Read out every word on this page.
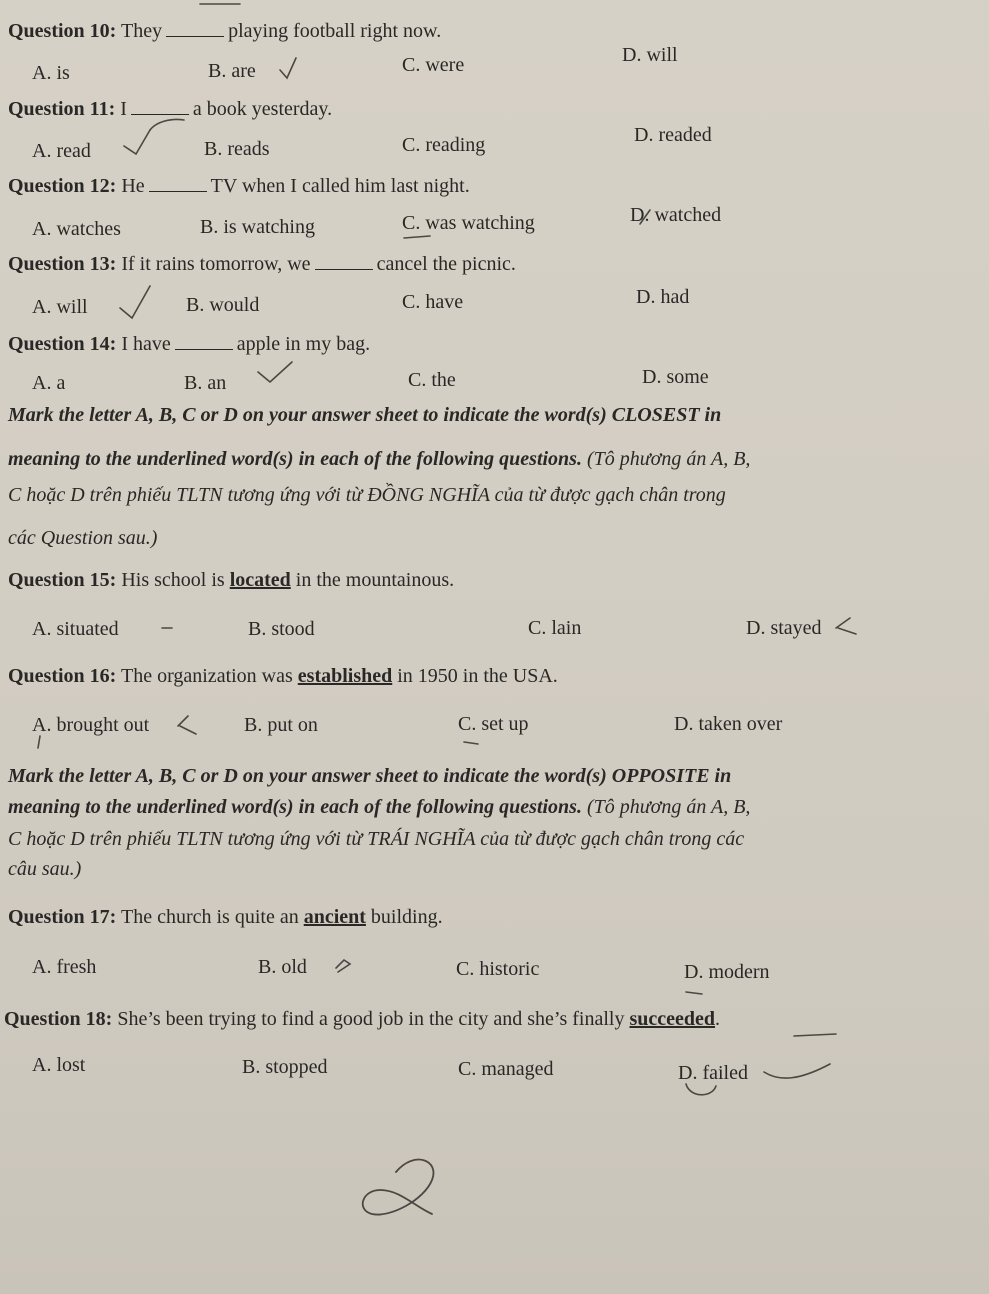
Question 10: They	playing football right now.
A. is	B. are	C. were	D. will
Question 11: I	a book yesterday.
A. read	B. reads	C. reading	D. readed
Question 12: He	TV when I called him last night.
A. watches	B. is watching	C. was watching	D. watched
Question 13: If it rains tomorrow, we	cancel the picnic.
A. will	B. would	C. have	D. had
Question 14: I have	apple in my bag.
A. a	B. an	C. the	D. some
Mark the letter A, B, C or D on your answer sheet to indicate the word(s) CLOSEST in
meaning to the underlined word(s) in each of the following questions. (Tô phương án A, B,
C hoặc D trên phiếu TLTN tương ứng với từ ĐỒNG NGHĨA của từ được gạch chân trong
các Question sau.)
Question 15: His school is located in the mountainous.
A. situated	B. stood	C. lain	D. stayed
Question 16: The organization was established in 1950 in the USA.
A. brought out	B. put on	C. set up	D. taken over
Mark the letter A, B, C or D on your answer sheet to indicate the word(s) OPPOSITE in
meaning to the underlined word(s) in each of the following questions. (Tô phương án A, B,
C hoặc D trên phiếu TLTN tương ứng với từ TRÁI NGHĨA của từ được gạch chân trong các
câu sau.)
Question 17: The church is quite an ancient building.
A. fresh	B. old	C. historic	D. modern
Question 18: She’s been trying to find a good job in the city and she’s finally succeeded.
A. lost	B. stopped	C. managed	D. failed
